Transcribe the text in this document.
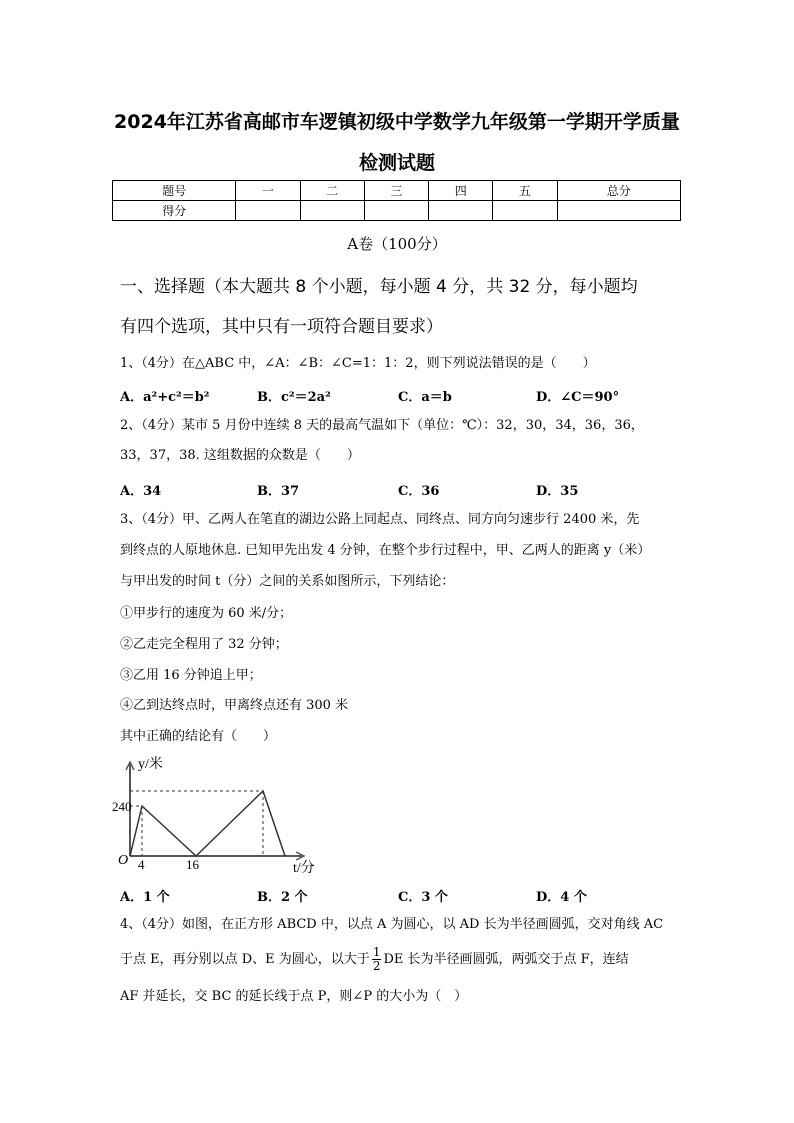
2024年江苏省高邮市车逻镇初级中学数学九年级第一学期开学质量
检测试题
题号	一	二	三	四	五	总分
得分						
A卷（100分）
一、选择题（本大题共 8 个小题，每小题 4 分，共 32 分，每小题均
有四个选项，其中只有一项符合题目要求）
1、（4分）在△ABC 中，∠A：∠B：∠C=1：1：2，则下列说法错误的是（　　）
A．a²+c²＝b²	B．c²＝2a²	C．a＝b	D．∠C＝90°
2、（4分）某市 5 月份中连续 8 天的最高气温如下（单位：℃）：32，30，34，36，36，
33，37，38. 这组数据的众数是（　　）
A．34	B．37	C．36	D．35
3、（4分）甲、乙两人在笔直的湖边公路上同起点、同终点、同方向匀速步行 2400 米，先
到终点的人原地休息. 已知甲先出发 4 分钟，在整个步行过程中，甲、乙两人的距离 y（米）
与甲出发的时间 t（分）之间的关系如图所示，下列结论：
①甲步行的速度为 60 米/分；
②乙走完全程用了 32 分钟；
③乙用 16 分钟追上甲；
④乙到达终点时，甲离终点还有 300 米
其中正确的结论有（　　）
y/米
240
O 4	16	t/分
A．1 个	B．2 个	C．3 个	D．4 个
4、（4分）如图，在正方形 ABCD 中，以点 A 为圆心，以 AD 长为半径画圆弧，交对角线 AC
于点 E，再分别以点 D、E 为圆心，以大于 $\frac{1}{2}$ DE 长为半径画圆弧，两弧交于点 F，连结
AF 并延长，交 BC 的延长线于点 P，则∠P 的大小为（　）
